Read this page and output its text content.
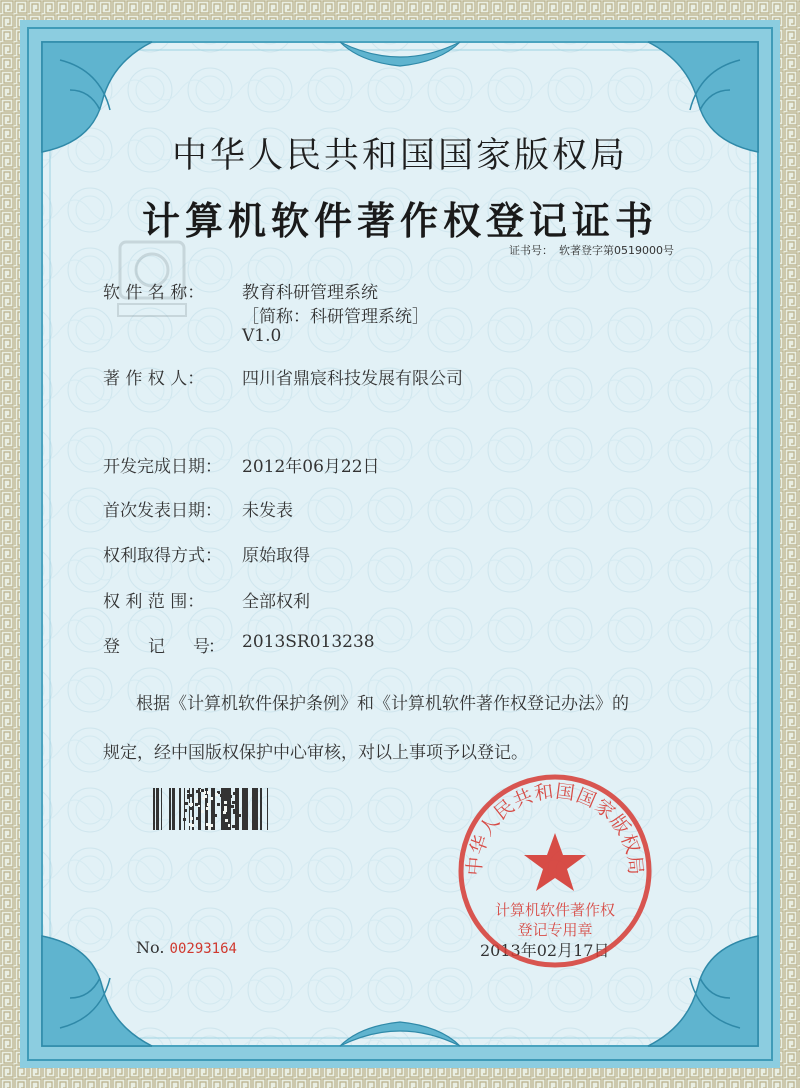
中华人民共和国国家版权局
计算机软件著作权登记证书
证书号： 软著登字第0519000号
软 件 名 称： 教育科研管理系统
［简称：科研管理系统］
V1.0
著 作 权 人： 四川省鼎宸科技发展有限公司
开发完成日期： 2012年06月22日
首次发表日期： 未发表
权利取得方式： 原始取得
权 利 范 围： 全部权利
登　　记　　号： 2013SR013238
根据《计算机软件保护条例》和《计算机软件著作权登记办法》的
规定，经中国版权保护中心审核，对以上事项予以登记。
No. 00293164	2013年02月17日
中华人民共和国国家版权局
计算机软件著作权
登记专用章
